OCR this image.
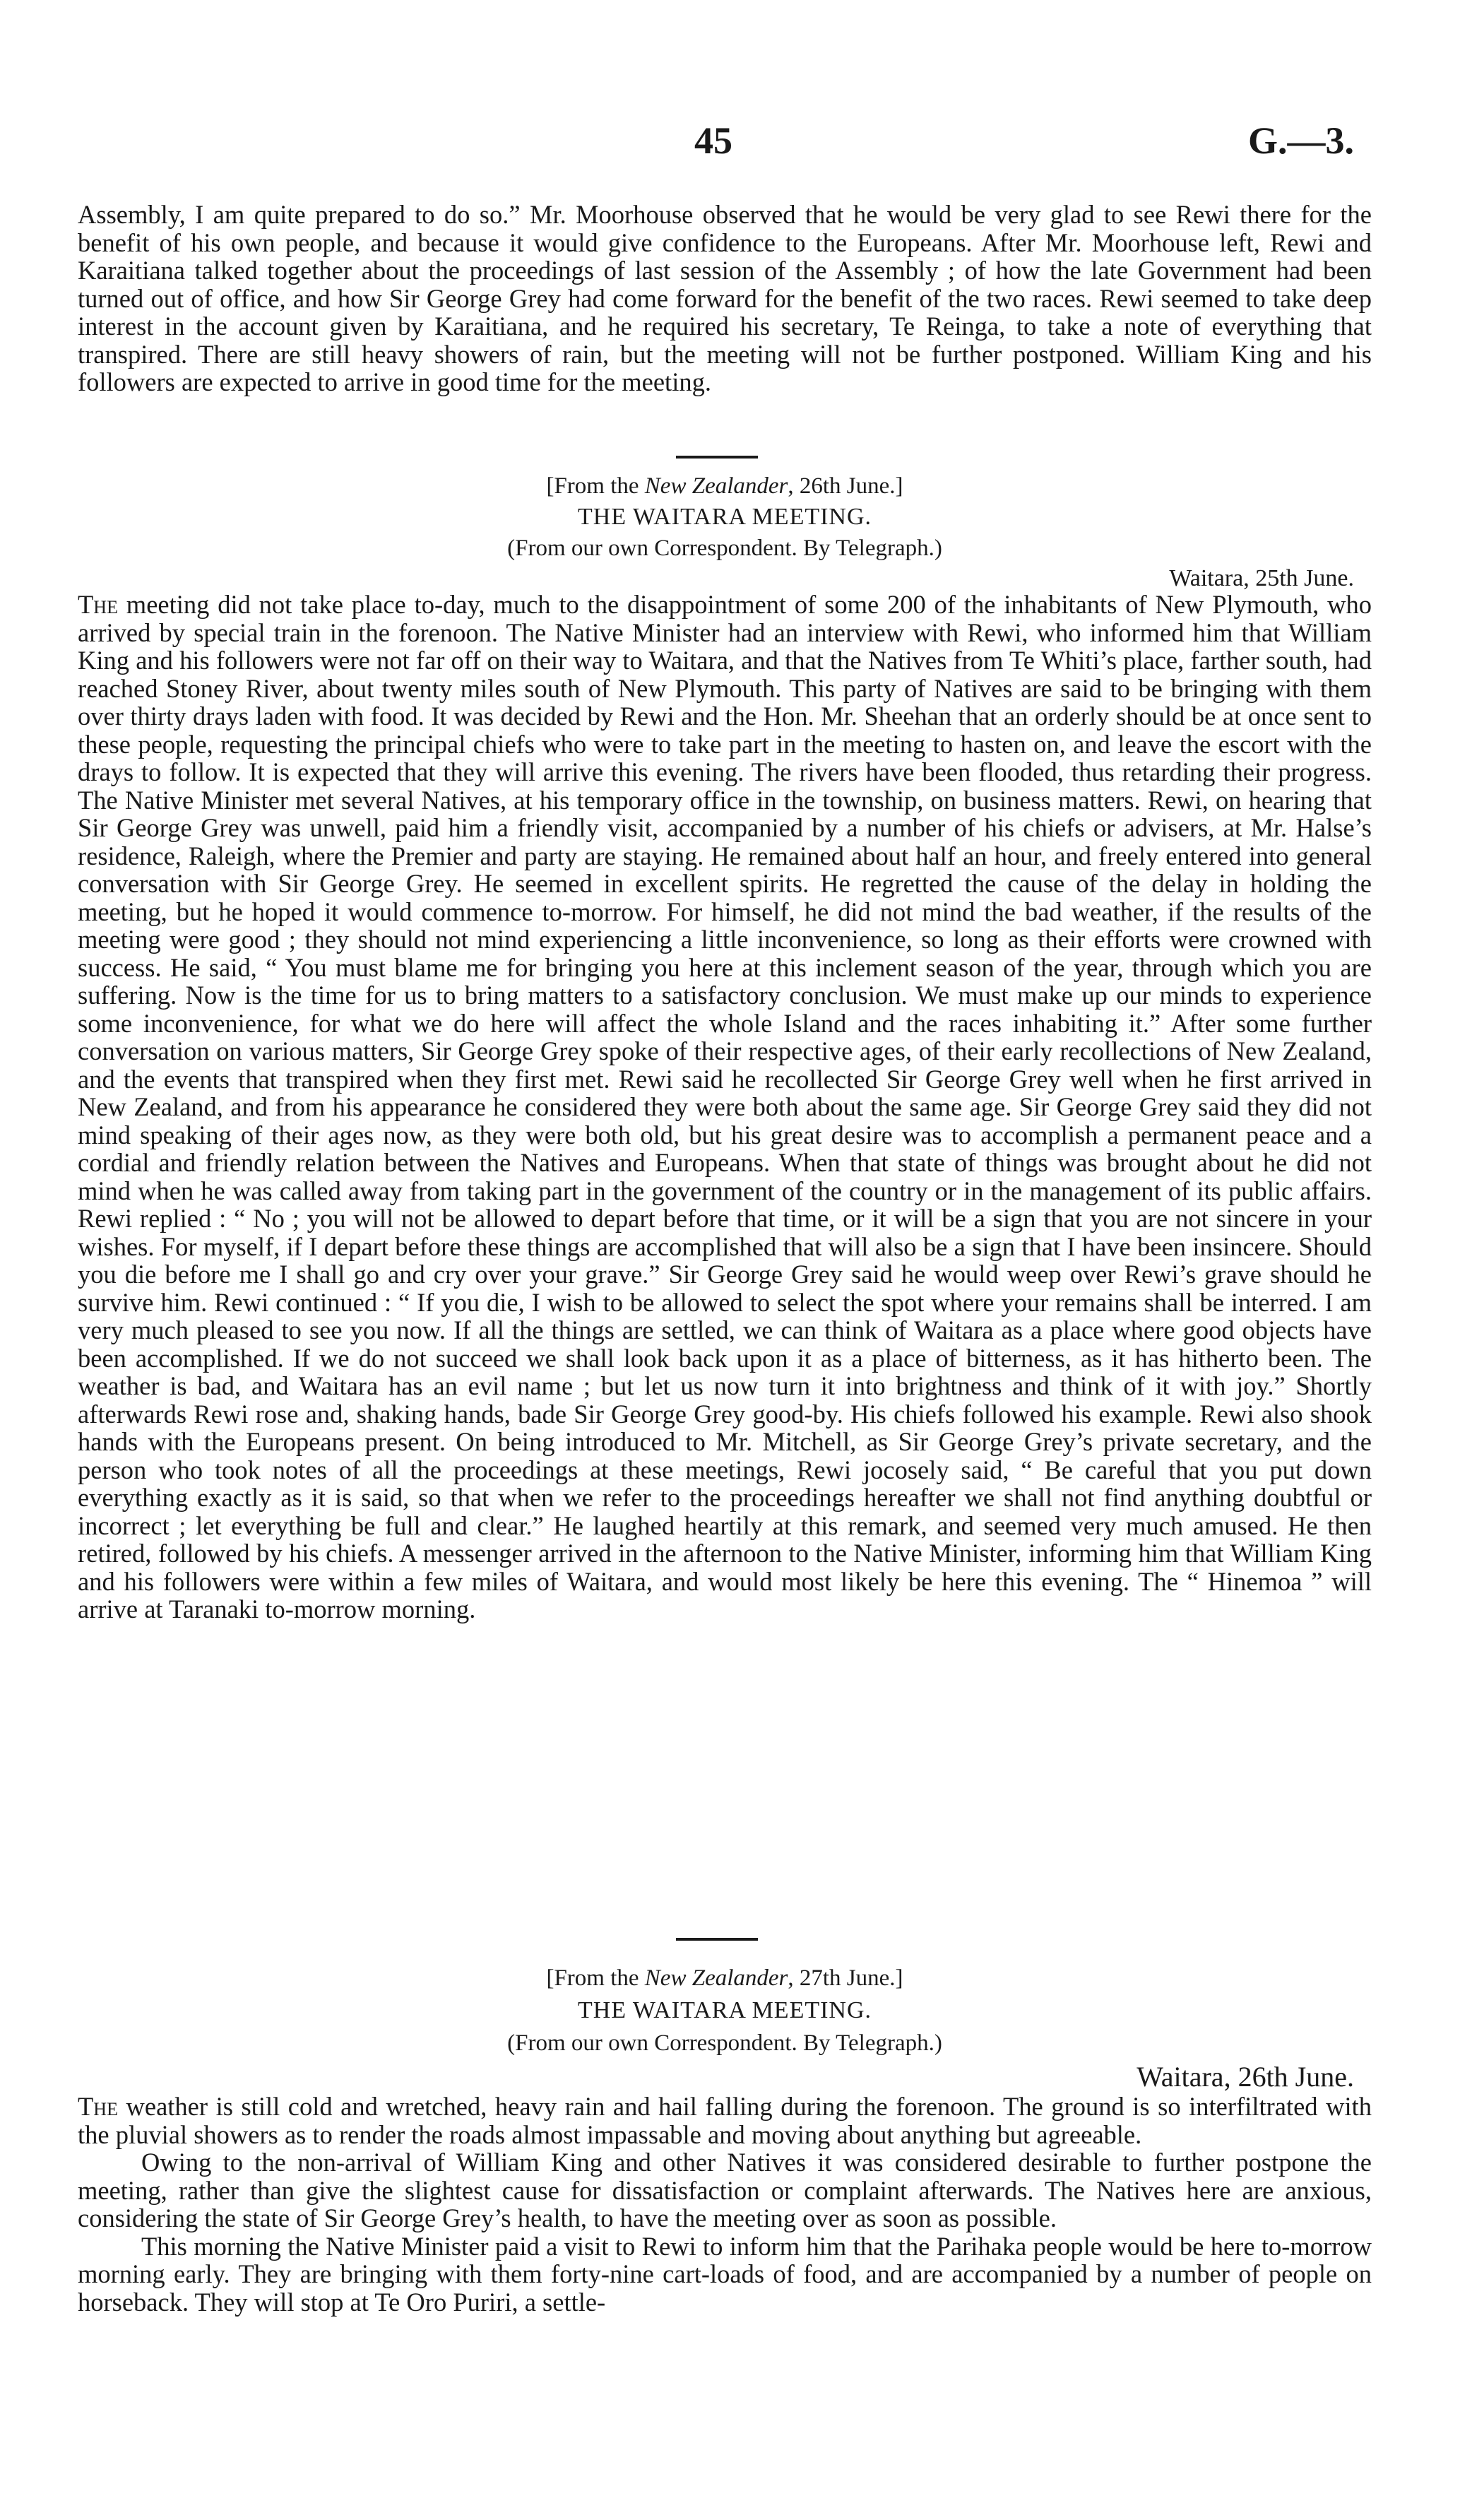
45	G.—3.

Assembly, I am quite prepared to do so.” Mr. Moorhouse observed that he would be very glad to see Rewi there for the benefit of his own people, and because it would give confidence to the Europeans. After Mr. Moorhouse left, Rewi and Karaitiana talked together about the proceedings of last session of the Assembly ; of how the late Government had been turned out of office, and how Sir George Grey had come forward for the benefit of the two races. Rewi seemed to take deep interest in the account given by Karaitiana, and he required his secretary, Te Reinga, to take a note of everything that transpired. There are still heavy showers of rain, but the meeting will not be further postponed. William King and his followers are expected to arrive in good time for the meeting.

[From the New Zealander, 26th June.]
THE WAITARA MEETING.
(From our own Correspondent. By Telegraph.)
Waitara, 25th June.

The meeting did not take place to-day, much to the disappointment of some 200 of the inhabitants of New Plymouth, who arrived by special train in the forenoon. The Native Minister had an interview with Rewi, who informed him that William King and his followers were not far off on their way to Waitara, and that the Natives from Te Whiti’s place, farther south, had reached Stoney River, about twenty miles south of New Plymouth. This party of Natives are said to be bringing with them over thirty drays laden with food. It was decided by Rewi and the Hon. Mr. Sheehan that an orderly should be at once sent to these people, requesting the principal chiefs who were to take part in the meeting to hasten on, and leave the escort with the drays to follow. It is expected that they will arrive this evening. The rivers have been flooded, thus retarding their progress. The Native Minister met several Natives, at his temporary office in the township, on business matters. Rewi, on hearing that Sir George Grey was unwell, paid him a friendly visit, accompanied by a number of his chiefs or advisers, at Mr. Halse’s residence, Raleigh, where the Premier and party are staying. He remained about half an hour, and freely entered into general conversation with Sir George Grey. He seemed in excellent spirits. He regretted the cause of the delay in holding the meeting, but he hoped it would commence to-morrow. For himself, he did not mind the bad weather, if the results of the meeting were good ; they should not mind experiencing a little inconvenience, so long as their efforts were crowned with success. He said, “ You must blame me for bringing you here at this inclement season of the year, through which you are suffering. Now is the time for us to bring matters to a satisfactory conclusion. We must make up our minds to experience some inconvenience, for what we do here will affect the whole Island and the races inhabiting it.” After some further conversation on various matters, Sir George Grey spoke of their respective ages, of their early recollections of New Zealand, and the events that transpired when they first met. Rewi said he recollected Sir George Grey well when he first arrived in New Zealand, and from his appearance he considered they were both about the same age. Sir George Grey said they did not mind speaking of their ages now, as they were both old, but his great desire was to accomplish a permanent peace and a cordial and friendly relation between the Natives and Europeans. When that state of things was brought about he did not mind when he was called away from taking part in the government of the country or in the management of its public affairs. Rewi replied : “ No ; you will not be allowed to depart before that time, or it will be a sign that you are not sincere in your wishes. For myself, if I depart before these things are accomplished that will also be a sign that I have been insincere. Should you die before me I shall go and cry over your grave.” Sir George Grey said he would weep over Rewi’s grave should he survive him. Rewi continued : “ If you die, I wish to be allowed to select the spot where your remains shall be interred. I am very much pleased to see you now. If all the things are settled, we can think of Waitara as a place where good objects have been accomplished. If we do not succeed we shall look back upon it as a place of bitterness, as it has hitherto been. The weather is bad, and Waitara has an evil name ; but let us now turn it into brightness and think of it with joy.” Shortly afterwards Rewi rose and, shaking hands, bade Sir George Grey good-by. His chiefs followed his example. Rewi also shook hands with the Europeans present. On being introduced to Mr. Mitchell, as Sir George Grey’s private secretary, and the person who took notes of all the proceedings at these meetings, Rewi jocosely said, “ Be careful that you put down everything exactly as it is said, so that when we refer to the proceedings hereafter we shall not find anything doubtful or incorrect ; let everything be full and clear.” He laughed heartily at this remark, and seemed very much amused. He then retired, followed by his chiefs. A messenger arrived in the afternoon to the Native Minister, informing him that William King and his followers were within a few miles of Waitara, and would most likely be here this evening. The “ Hinemoa ” will arrive at Taranaki to-morrow morning.

[From the New Zealander, 27th June.]
THE WAITARA MEETING.
(From our own Correspondent. By Telegraph.)
Waitara, 26th June.

The weather is still cold and wretched, heavy rain and hail falling during the forenoon. The ground is so interfiltrated with the pluvial showers as to render the roads almost impassable and moving about anything but agreeable.

Owing to the non-arrival of William King and other Natives it was considered desirable to further postpone the meeting, rather than give the slightest cause for dissatisfaction or complaint afterwards. The Natives here are anxious, considering the state of Sir George Grey’s health, to have the meeting over as soon as possible.

This morning the Native Minister paid a visit to Rewi to inform him that the Parihaka people would be here to-morrow morning early. They are bringing with them forty-nine cart-loads of food, and are accompanied by a number of people on horseback. They will stop at Te Oro Puriri, a settle-
